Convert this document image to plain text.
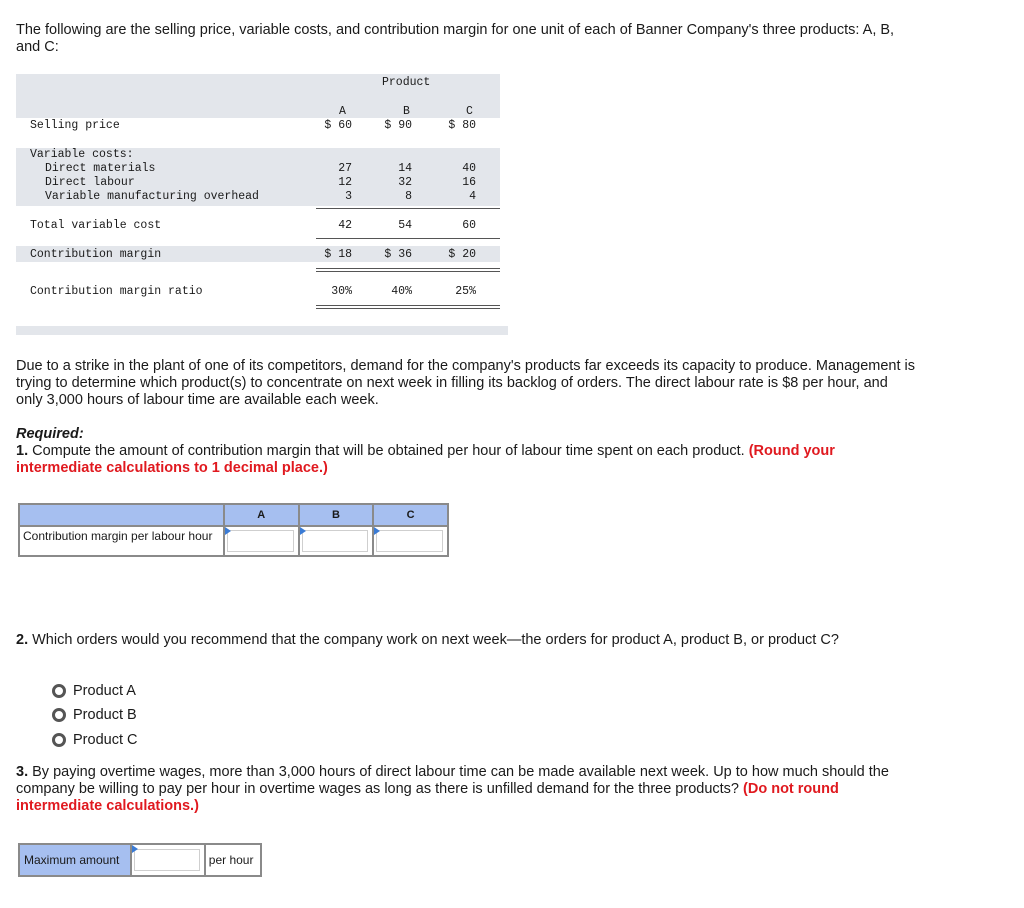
The following are the selling price, variable costs, and contribution margin for one unit of each of Banner Company's three products: A, B, and C:

Product
A	B	C
Selling price	$ 60	$ 90	$ 80
Variable costs:
Direct materials	27	14	40
Direct labour	12	32	16
Variable manufacturing overhead	3	8	4
Total variable cost	42	54	60
Contribution margin	$ 18	$ 36	$ 20
Contribution margin ratio	30%	40%	25%

Due to a strike in the plant of one of its competitors, demand for the company's products far exceeds its capacity to produce. Management is trying to determine which product(s) to concentrate on next week in filling its backlog of orders. The direct labour rate is $8 per hour, and only 3,000 hours of labour time are available each week.

Required:

1. Compute the amount of contribution margin that will be obtained per hour of labour time spent on each product. (Round your intermediate calculations to 1 decimal place.)

	A	B	C
Contribution margin per labour hour	

2. Which orders would you recommend that the company work on next week—the orders for product A, product B, or product C?

Product A
Product B
Product C

3. By paying overtime wages, more than 3,000 hours of direct labour time can be made available next week. Up to how much should the company be willing to pay per hour in overtime wages as long as there is unfilled demand for the three products? (Do not round intermediate calculations.)

Maximum amount		per hour
